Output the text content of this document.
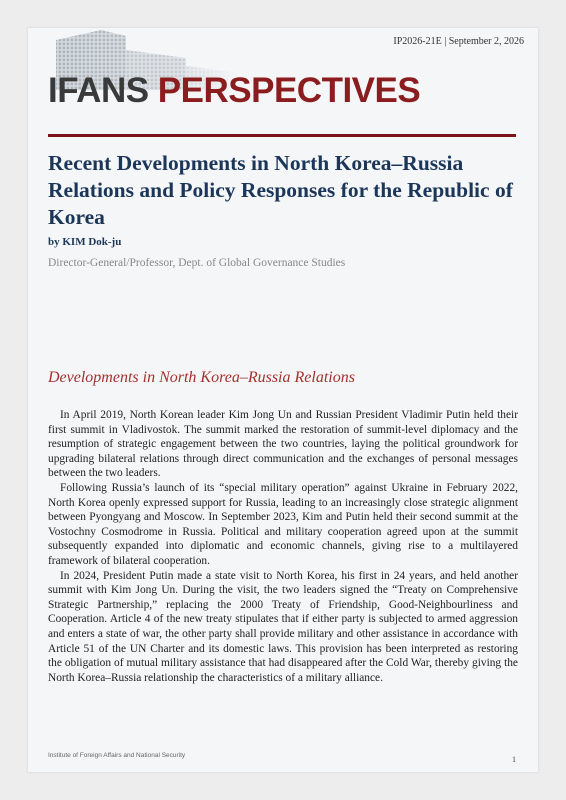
IP2026-21E | September 2, 2026
IFANS PERSPECTIVES
Recent Developments in North Korea–Russia Relations and Policy Responses for the Republic of Korea
by KIM Dok-ju
Director-General/Professor, Dept. of Global Governance Studies
Developments in North Korea–Russia Relations

In April 2019, North Korean leader Kim Jong Un and Russian President Vladimir Putin held their first summit in Vladivostok. The summit marked the restoration of summit-level diplomacy and the resumption of strategic engagement between the two countries, laying the political groundwork for upgrading bilateral relations through direct communication and the exchanges of personal messages between the two leaders.

Following Russia’s launch of its “special military operation” against Ukraine in February 2022, North Korea openly expressed support for Russia, leading to an increasingly close strategic alignment between Pyongyang and Moscow. In September 2023, Kim and Putin held their second summit at the Vostochny Cosmodrome in Russia. Political and military cooperation agreed upon at the summit subsequently expanded into diplomatic and economic channels, giving rise to a multilayered framework of bilateral cooperation.

In 2024, President Putin made a state visit to North Korea, his first in 24 years, and held another summit with Kim Jong Un. During the visit, the two leaders signed the “Treaty on Comprehensive Strategic Partnership,” replacing the 2000 Treaty of Friendship, Good-Neighbourliness and Cooperation. Article 4 of the new treaty stipulates that if either party is subjected to armed aggression and enters a state of war, the other party shall provide military and other assistance in accordance with Article 51 of the UN Charter and its domestic laws. This provision has been interpreted as restoring the obligation of mutual military assistance that had disappeared after the Cold War, thereby giving the North Korea–Russia relationship the characteristics of a military alliance.

Institute of Foreign Affairs and National Security	1
